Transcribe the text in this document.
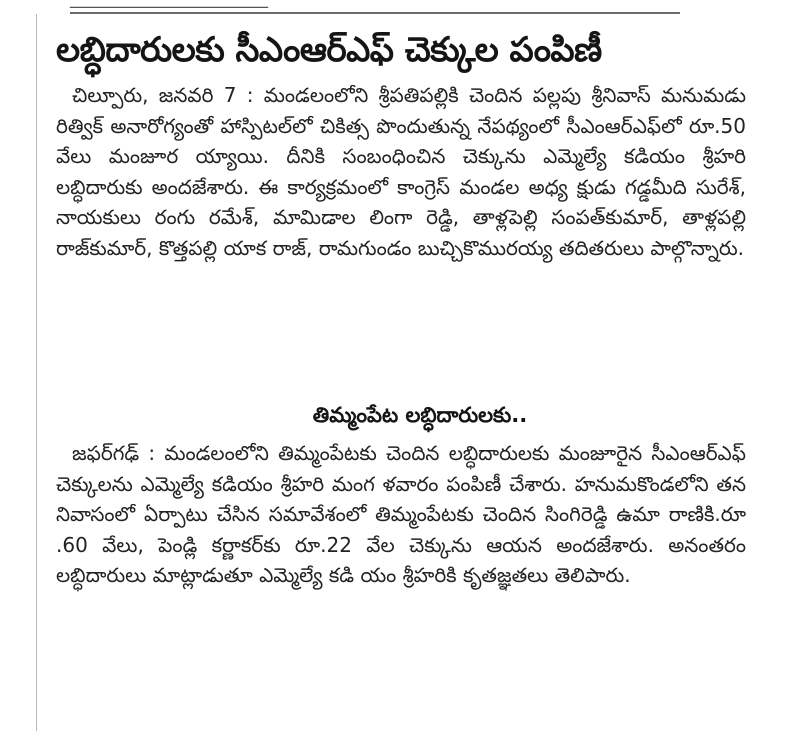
లబ్ధిదారులకు సీఎంఆర్‌ఎఫ్ చెక్కుల పంపిణీ

చిల్పూరు, జనవరి 7 : మండలంలోని శ్రీపతిపల్లికి చెందిన పల్లపు శ్రీనివాస్ మనుమడు రిత్విక్ అనారోగ్యంతో హాస్పిటల్‌లో చికిత్స పొందుతున్న నేపథ్యంలో సీఎంఆర్‌ఎఫ్‌లో రూ.50 వేలు మంజూర య్యాయి. దీనికి సంబంధించిన చెక్కును ఎమ్మెల్యే కడియం శ్రీహరి లబ్ధిదారుకు అందజేశారు. ఈ కార్యక్రమంలో కాంగ్రెస్ మండల అధ్య క్షుడు గడ్డమీది సురేశ్, నాయకులు రంగు రమేశ్, మామిడాల లింగా రెడ్డి, తాళ్లపెల్లి సంపత్‌కుమార్, తాళ్లపల్లి రాజ్‌కుమార్, కొత్తపల్లి యాక రాజ్, రామగుండం బుచ్చికొమురయ్య తదితరులు పాల్గొన్నారు.

తిమ్మంపేట లబ్ధిదారులకు..

జఫర్‌గఢ్ : మండలంలోని తిమ్మంపేటకు చెందిన లబ్ధిదారులకు మంజూరైన సీఎంఆర్‌ఎఫ్ చెక్కులను ఎమ్మెల్యే కడియం శ్రీహరి మంగ ళవారం పంపిణీ చేశారు. హనుమకొండలోని తన నివాసంలో ఏర్పాటు చేసిన సమావేశంలో తిమ్మంపేటకు చెందిన సింగిరెడ్డి ఉమా రాణికి.రూ .60 వేలు, పెండ్లి కర్ణాకర్‌కు రూ.22 వేల చెక్కును ఆయన అందజేశారు. అనంతరం లబ్ధిదారులు మాట్లాడుతూ ఎమ్మెల్యే కడి యం శ్రీహరికి కృతజ్ఞతలు తెలిపారు.
